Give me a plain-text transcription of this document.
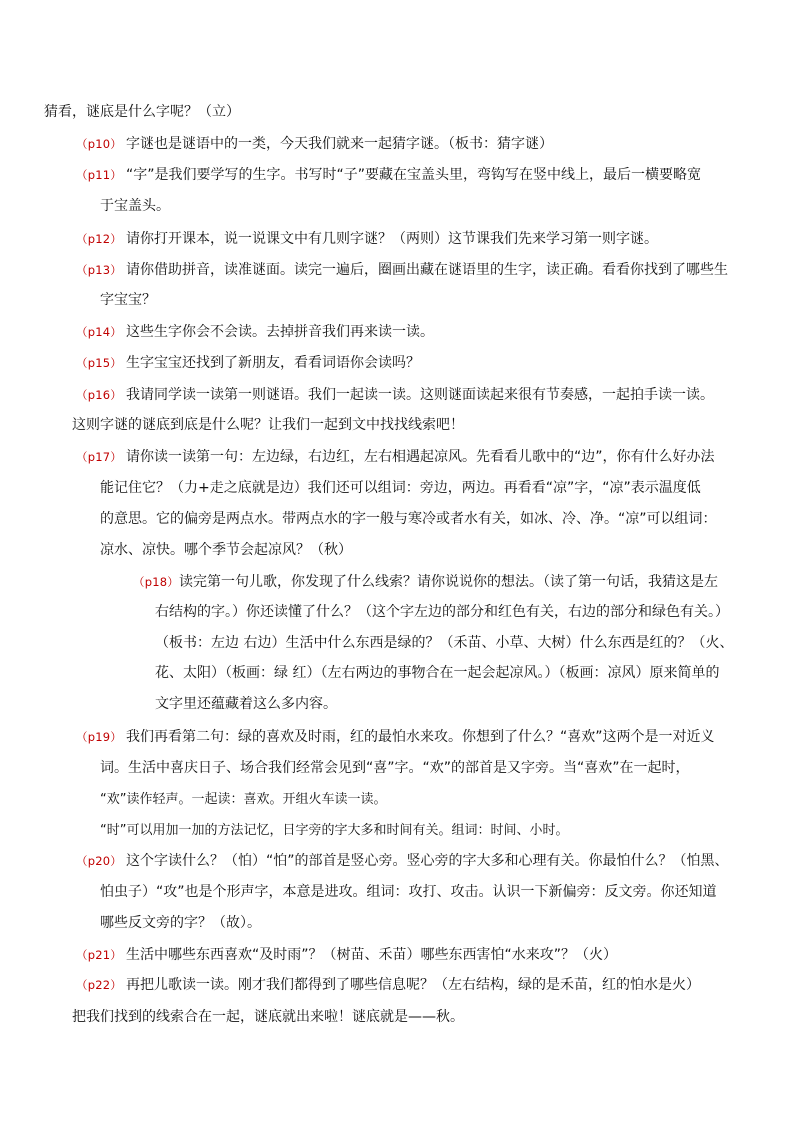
猜看，谜底是什么字呢？（立）
（p10） 字谜也是谜语中的一类，今天我们就来一起猜字谜。（板书：猜字谜）
（p11） “字”是我们要学写的生字。书写时“子”要藏在宝盖头里，弯钩写在竖中线上，最后一横要略宽
于宝盖头。
（p12） 请你打开课本，说一说课文中有几则字谜？（两则）这节课我们先来学习第一则字谜。
（p13） 请你借助拼音，读准谜面。读完一遍后，圈画出藏在谜语里的生字，读正确。看看你找到了哪些生
字宝宝？
（p14） 这些生字你会不会读。去掉拼音我们再来读一读。
（p15） 生字宝宝还找到了新朋友，看看词语你会读吗？
（p16） 我请同学读一读第一则谜语。我们一起读一读。这则谜面读起来很有节奏感，一起拍手读一读。
这则字谜的谜底到底是什么呢？让我们一起到文中找找线索吧！
（p17） 请你读一读第一句：左边绿，右边红，左右相遇起凉风。先看看儿歌中的“边”，你有什么好办法
能记住它？（力+走之底就是边）我们还可以组词：旁边，两边。再看看“凉”字，“凉”表示温度低
的意思。它的偏旁是两点水。带两点水的字一般与寒冷或者水有关，如冰、冷、净。“凉”可以组词：
凉水、凉快。哪个季节会起凉风？（秋）
（p18）读完第一句儿歌，你发现了什么线索？请你说说你的想法。（读了第一句话，我猜这是左
右结构的字。）你还读懂了什么？（这个字左边的部分和红色有关，右边的部分和绿色有关。）
（板书：左边 右边）生活中什么东西是绿的？（禾苗、小草、大树）什么东西是红的？（火、
花、太阳）（板画：绿 红）（左右两边的事物合在一起会起凉风。）（板画：凉风）原来简单的
文字里还蕴藏着这么多内容。
（p19） 我们再看第二句：绿的喜欢及时雨，红的最怕水来攻。你想到了什么？“喜欢”这两个是一对近义
词。生活中喜庆日子、场合我们经常会见到“喜”字。“欢”的部首是又字旁。当“喜欢”在一起时，
“欢”读作轻声。一起读：喜欢。开组火车读一读。
“时”可以用加一加的方法记忆，日字旁的字大多和时间有关。组词：时间、小时。
（p20） 这个字读什么？（怕）“怕”的部首是竖心旁。竖心旁的字大多和心理有关。你最怕什么？（怕黑、
怕虫子）“攻”也是个形声字，本意是进攻。组词：攻打、攻击。认识一下新偏旁：反文旁。你还知道
哪些反文旁的字？（故）。
（p21） 生活中哪些东西喜欢“及时雨”？（树苗、禾苗）哪些东西害怕“水来攻”？（火）
（p22） 再把儿歌读一读。刚才我们都得到了哪些信息呢？（左右结构，绿的是禾苗，红的怕水是火）
把我们找到的线索合在一起，谜底就出来啦！谜底就是——秋。
